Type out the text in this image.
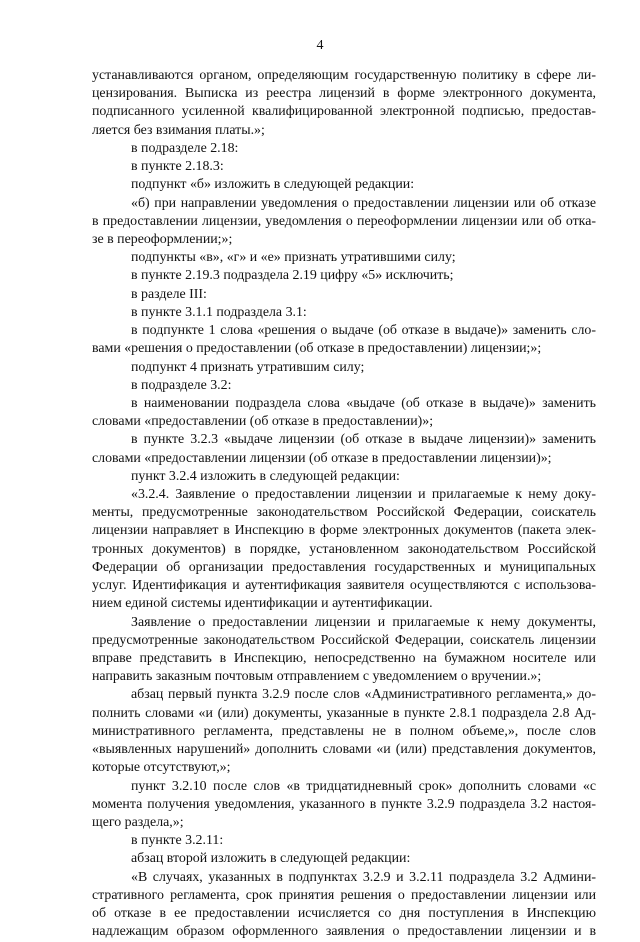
4
устанавливаются органом, определяющим государственную политику в сфере ли-
цензирования. Выписка из реестра лицензий в форме электронного документа,
подписанного усиленной квалифицированной электронной подписью, предостав-
ляется без взимания платы.»;
в подразделе 2.18:
в пункте 2.18.3:
подпункт «б» изложить в следующей редакции:
«б) при направлении уведомления о предоставлении лицензии или об отказе
в предоставлении лицензии, уведомления о переоформлении лицензии или об отка-
зе в переоформлении;»;
подпункты «в», «г» и «е» признать утратившими силу;
в пункте 2.19.3 подраздела 2.19 цифру «5» исключить;
в разделе III:
в пункте 3.1.1 подраздела 3.1:
в подпункте 1 слова «решения о выдаче (об отказе в выдаче)» заменить сло-
вами «решения о предоставлении (об отказе в предоставлении) лицензии;»;
подпункт 4 признать утратившим силу;
в подразделе 3.2:
в наименовании подраздела слова «выдаче (об отказе в выдаче)» заменить
словами «предоставлении (об отказе в предоставлении)»;
в пункте 3.2.3 «выдаче лицензии (об отказе в выдаче лицензии)» заменить
словами «предоставлении лицензии (об отказе в предоставлении лицензии)»;
пункт 3.2.4 изложить в следующей редакции:
«3.2.4. Заявление о предоставлении лицензии и прилагаемые к нему доку-
менты, предусмотренные законодательством Российской Федерации, соискатель
лицензии направляет в Инспекцию в форме электронных документов (пакета элек-
тронных документов) в порядке, установленном законодательством Российской
Федерации об организации предоставления государственных и муниципальных
услуг. Идентификация и аутентификация заявителя осуществляются с использова-
нием единой системы идентификации и аутентификации.
Заявление о предоставлении лицензии и прилагаемые к нему документы,
предусмотренные законодательством Российской Федерации, соискатель лицензии
вправе представить в Инспекцию, непосредственно на бумажном носителе или
направить заказным почтовым отправлением с уведомлением о вручении.»;
абзац первый пункта 3.2.9 после слов «Административного регламента,» до-
полнить словами «и (или) документы, указанные в пункте 2.8.1 подраздела 2.8 Ад-
министративного регламента, представлены не в полном объеме,», после слов
«выявленных нарушений» дополнить словами «и (или) представления документов,
которые отсутствуют,»;
пункт 3.2.10 после слов «в тридцатидневный срок» дополнить словами «с
момента получения уведомления, указанного в пункте 3.2.9 подраздела 3.2 настоя-
щего раздела,»;
в пункте 3.2.11:
абзац второй изложить в следующей редакции:
«В случаях, указанных в подпунктах 3.2.9 и 3.2.11 подраздела 3.2 Админи-
стративного регламента, срок принятия решения о предоставлении лицензии или
об отказе в ее предоставлении исчисляется со дня поступления в Инспекцию
надлежащим образом оформленного заявления о предоставлении лицензии и в
